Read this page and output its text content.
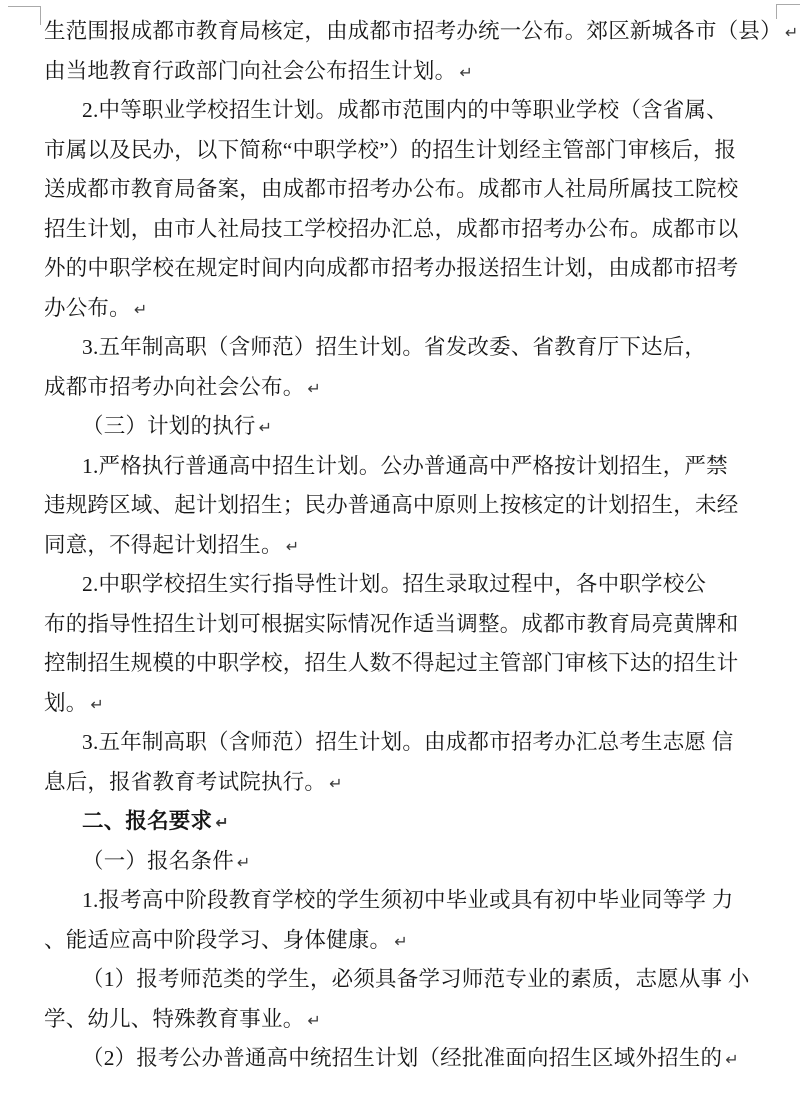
生范围报成都市教育局核定，由成都市招考办统一公布。郊区新城各市（县） ↵
由当地教育行政部门向社会公布招生计划。 ↵
2.中等职业学校招生计划。成都市范围内的中等职业学校（含省属、
市属以及民办，以下简称“中职学校”）的招生计划经主管部门审核后，报
送成都市教育局备案，由成都市招考办公布。成都市人社局所属技工院校
招生计划，由市人社局技工学校招办汇总，成都市招考办公布。成都市以
外的中职学校在规定时间内向成都市招考办报送招生计划，由成都市招考
办公布。 ↵
3.五年制高职（含师范）招生计划。省发改委、省教育厅下达后，
成都市招考办向社会公布。 ↵
（三）计划的执行 ↵
1.严格执行普通高中招生计划。公办普通高中严格按计划招生，严禁
违规跨区域、起计划招生；民办普通高中原则上按核定的计划招生，未经
同意，不得起计划招生。 ↵
2.中职学校招生实行指导性计划。招生录取过程中，各中职学校公
布的指导性招生计划可根据实际情况作适当调整。成都市教育局亮黄牌和
控制招生规模的中职学校，招生人数不得起过主管部门审核下达的招生计
划。 ↵
3.五年制高职（含师范）招生计划。由成都市招考办汇总考生志愿 信
息后，报省教育考试院执行。 ↵
二、报名要求 ↵
（一）报名条件 ↵
1.报考高中阶段教育学校的学生须初中毕业或具有初中毕业同等学 力
、能适应高中阶段学习、身体健康。 ↵
（1）报考师范类的学生，必须具备学习师范专业的素质，志愿从事 小
学、幼儿、特殊教育事业。 ↵
（2）报考公办普通高中统招生计划（经批准面向招生区域外招生的 ↵
